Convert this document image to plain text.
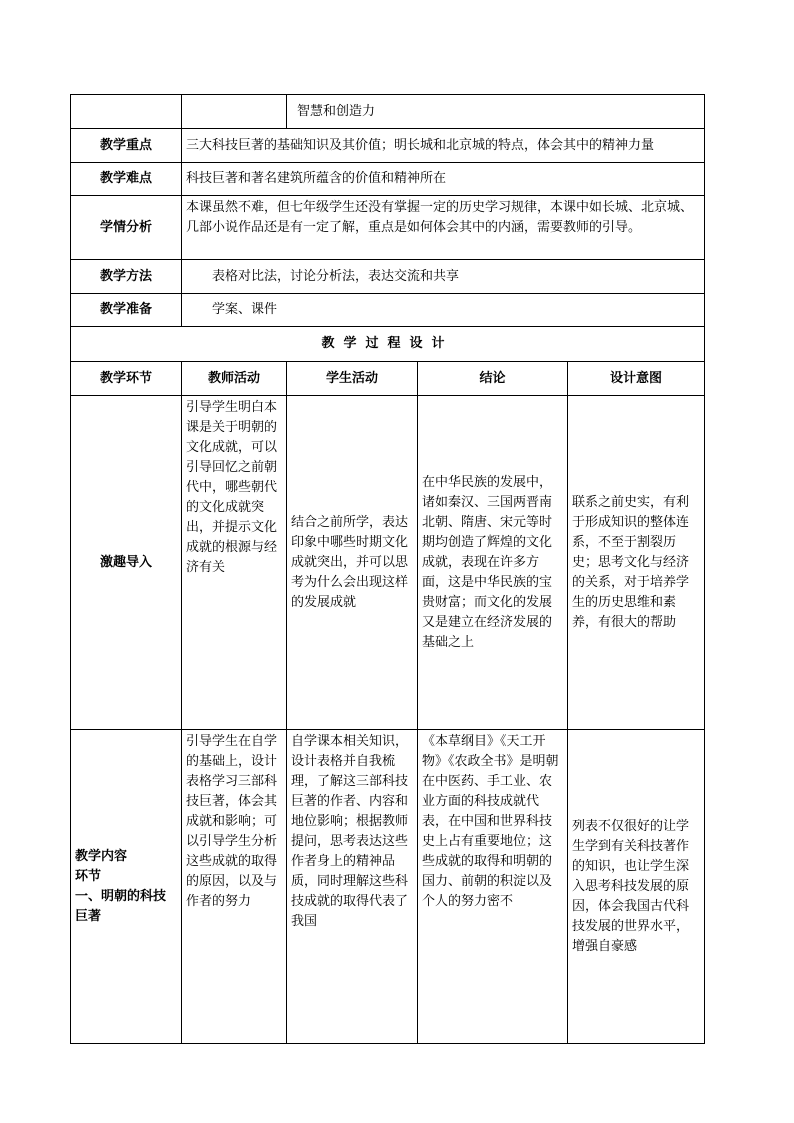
		智慧和创造力		
教学重点	三大科技巨著的基础知识及其价值；明长城和北京城的特点，体会其中的精神力量			
教学难点	科技巨著和著名建筑所蕴含的价值和精神所在			
学情分析	本课虽然不难，但七年级学生还没有掌握一定的历史学习规律，本课中如长城、北京城、几部小说作品还是有一定了解，重点是如何体会其中的内涵，需要教师的引导。			
教学方法	表格对比法，讨论分析法，表达交流和共享			
教学准备	学案、课件			
教学过程设计				
教学环节	教师活动	学生活动	结论	设计意图
激趣导入	引导学生明白本课是关于明朝的文化成就，可以引导回忆之前朝代中，哪些朝代的文化成就突出，并提示文化成就的根源与经济有关	结合之前所学，表达印象中哪些时期文化成就突出，并可以思考为什么会出现这样的发展成就	在中华民族的发展中，诸如秦汉、三国两晋南北朝、隋唐、宋元等时期均创造了辉煌的文化成就，表现在许多方面，这是中华民族的宝贵财富；而文化的发展又是建立在经济发展的基础之上	联系之前史实，有利于形成知识的整体连系，不至于割裂历史；思考文化与经济的关系，对于培养学生的历史思维和素养，有很大的帮助
教学内容
环节
一、明朝的科技巨著	引导学生在自学的基础上，设计表格学习三部科技巨著，体会其成就和影响；可以引导学生分析这些成就的取得的原因，以及与作者的努力	自学课本相关知识，设计表格并自我梳理，了解这三部科技巨著的作者、内容和地位影响；根据教师提问，思考表达这些作者身上的精神品质，同时理解这些科技成就的取得代表了我国	《本草纲目》《天工开物》《农政全书》是明朝在中医药、手工业、农业方面的科技成就代表，在中国和世界科技史上占有重要地位；这些成就的取得和明朝的国力、前朝的积淀以及个人的努力密不	列表不仅很好的让学生学到有关科技著作的知识，也让学生深入思考科技发展的原因，体会我国古代科技发展的世界水平，增强自豪感
